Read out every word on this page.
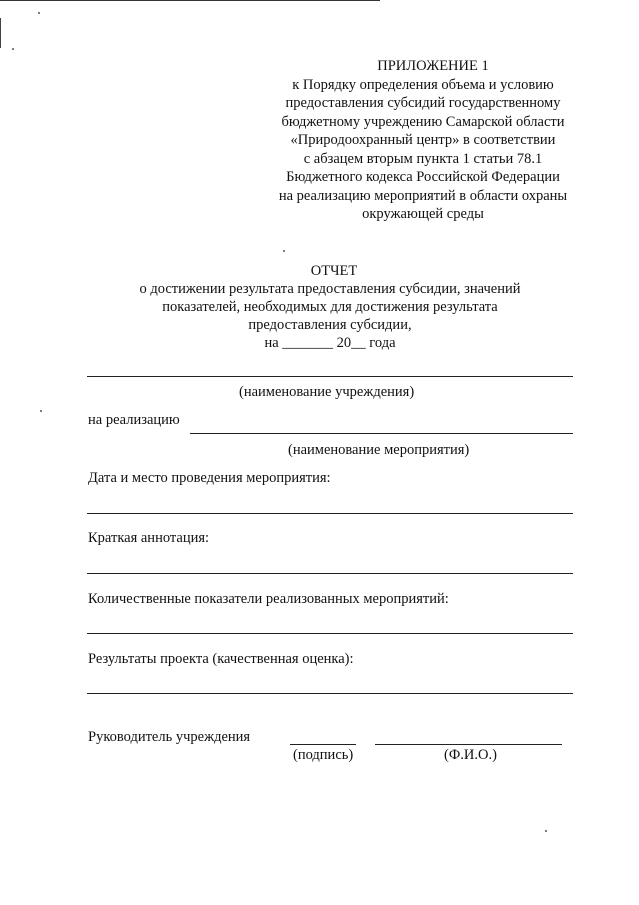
ПРИЛОЖЕНИЕ 1
к Порядку определения объема и условию
предоставления субсидий государственному
бюджетному учреждению Самарской области
«Природоохранный центр» в соответствии
с абзацем вторым пункта 1 статьи 78.1
Бюджетного кодекса Российской Федерации
на реализацию мероприятий в области охраны
окружающей среды
ОТЧЕТ
о достижении результата предоставления субсидии, значений
показателей, необходимых для достижения результата
предоставления субсидии,
на _______ 20__ года
(наименование учреждения)
на реализацию
(наименование мероприятия)
Дата и место проведения мероприятия:
Краткая аннотация:
Количественные показатели реализованных мероприятий:
Результаты проекта (качественная оценка):
Руководитель учреждения
(подпись)	(Ф.И.О.)
